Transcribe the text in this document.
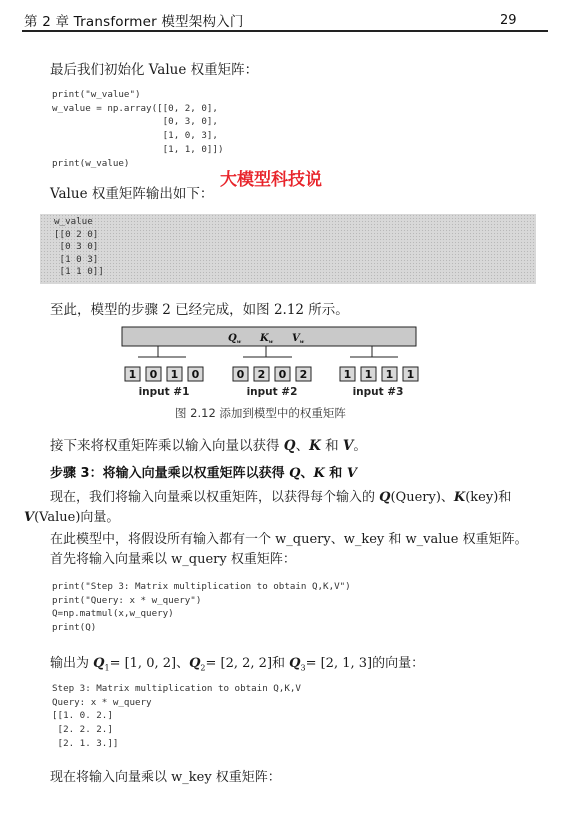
第 2 章 Transformer 模型架构入门	29
最后我们初始化 Value 权重矩阵：
print("w_value")
w_value = np.array([[0, 2, 0],
[0, 3, 0],
[1, 0, 3],
[1, 1, 0]])
print(w_value)
大模型科技说
Value 权重矩阵输出如下：
w_value
[[0 2 0]
[0 3 0]
[1 0 3]
[1 1 0]]
至此，模型的步骤 2 已经完成，如图 2.12 所示。
$Q_w$ $K_w$ $V_w$
1 0 1 0
input #1
0 2 0 2
input #2
1 1 1 1
input #3
图 2.12 添加到模型中的权重矩阵
接下来将权重矩阵乘以输入向量以获得 Q、K 和 V。
步骤 3：将输入向量乘以权重矩阵以获得 Q、K 和 V
现在，我们将输入向量乘以权重矩阵，以获得每个输入的 Q(Query)、K(key)和
V(Value)向量。
在此模型中，将假设所有输入都有一个 w_query、w_key 和 w_value 权重矩阵。
首先将输入向量乘以 w_query 权重矩阵：
print("Step 3: Matrix multiplication to obtain Q,K,V")
print("Query: x * w_query")
Q=np.matmul(x,w_query)
print(Q)
输出为 $Q_1= [1$, 0, 2]、$Q_2= [2$, 2, 2]和 $Q_3= [2$, 1, 3]的向量：
Step 3: Matrix multiplication to obtain Q,K,V
Query: x * w_query
[[1. 0. 2.]
[2. 2. 2.]
[2. 1. 3.]]
现在将输入向量乘以 w_key 权重矩阵：
